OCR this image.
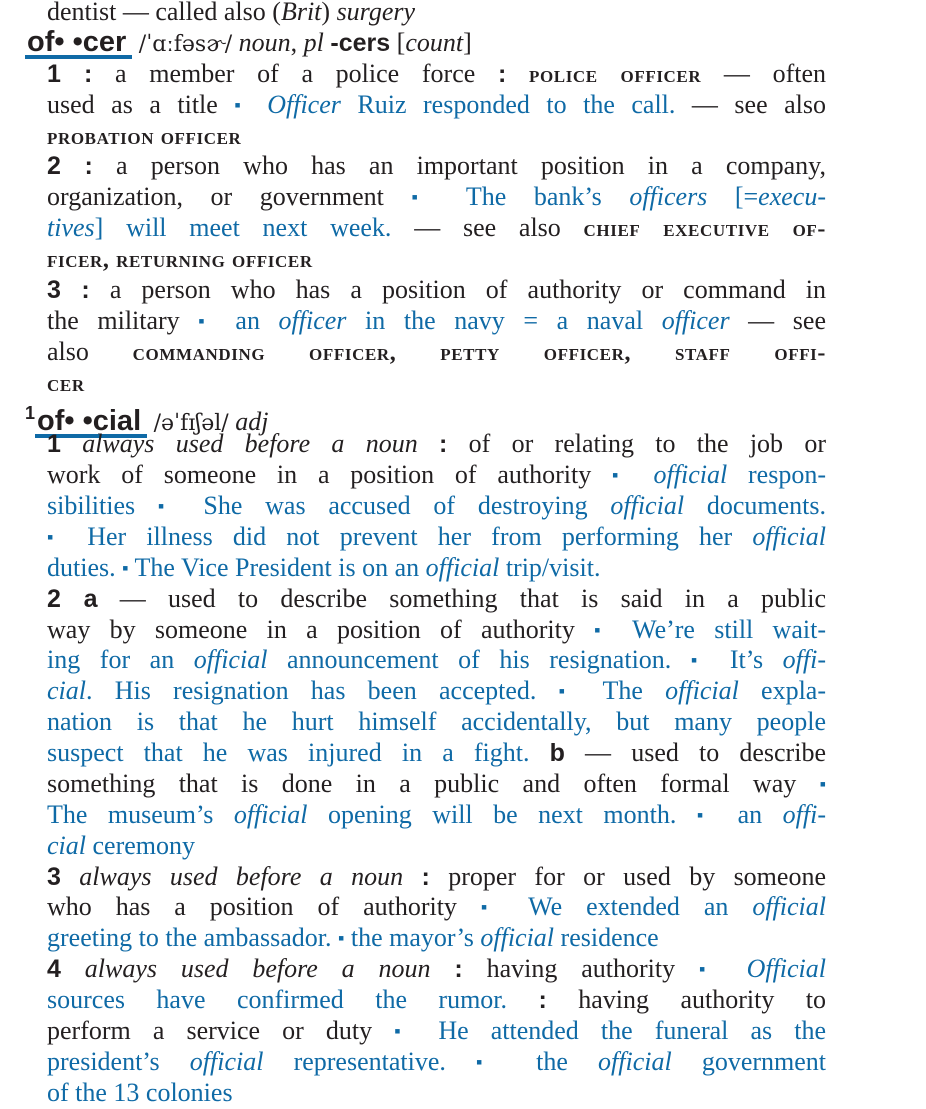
dentist — called also (Brit) surgery
of• •cer /ˈɑːfəsɚ/ noun, pl -cers [count]
1 : a member of a police force : police officer — often
used as a title ▪ Officer Ruiz responded to the call. — see also
probation officer
2 : a person who has an important position in a company,
organization, or government ▪ The bank’s officers [=execu-
tives] will meet next week. — see also chief executive of-
ficer, returning officer
3 : a person who has a position of authority or command in
the military ▪ an officer in the navy = a naval officer — see
also commanding officer, petty officer, staff offi-
cer
$^1$of• •cial /əˈfɪʃəl/ adj
1 always used before a noun : of or relating to the job or
work of someone in a position of authority ▪ official respon-
sibilities ▪ She was accused of destroying official documents.
▪ Her illness did not prevent her from performing her official
duties. ▪ The Vice President is on an official trip/visit.
2 a — used to describe something that is said in a public
way by someone in a position of authority ▪ We’re still wait-
ing for an official announcement of his resignation. ▪ It’s offi-
cial. His resignation has been accepted. ▪ The official expla-
nation is that he hurt himself accidentally, but many people
suspect that he was injured in a fight. b — used to describe
something that is done in a public and often formal way ▪
The museum’s official opening will be next month. ▪ an offi-
cial ceremony
3 always used before a noun : proper for or used by someone
who has a position of authority ▪ We extended an official
greeting to the ambassador. ▪ the mayor’s official residence
4 always used before a noun : having authority ▪ Official
sources have confirmed the rumor. : having authority to
perform a service or duty ▪ He attended the funeral as the
president’s official representative. ▪ the official government
of the 13 colonies
